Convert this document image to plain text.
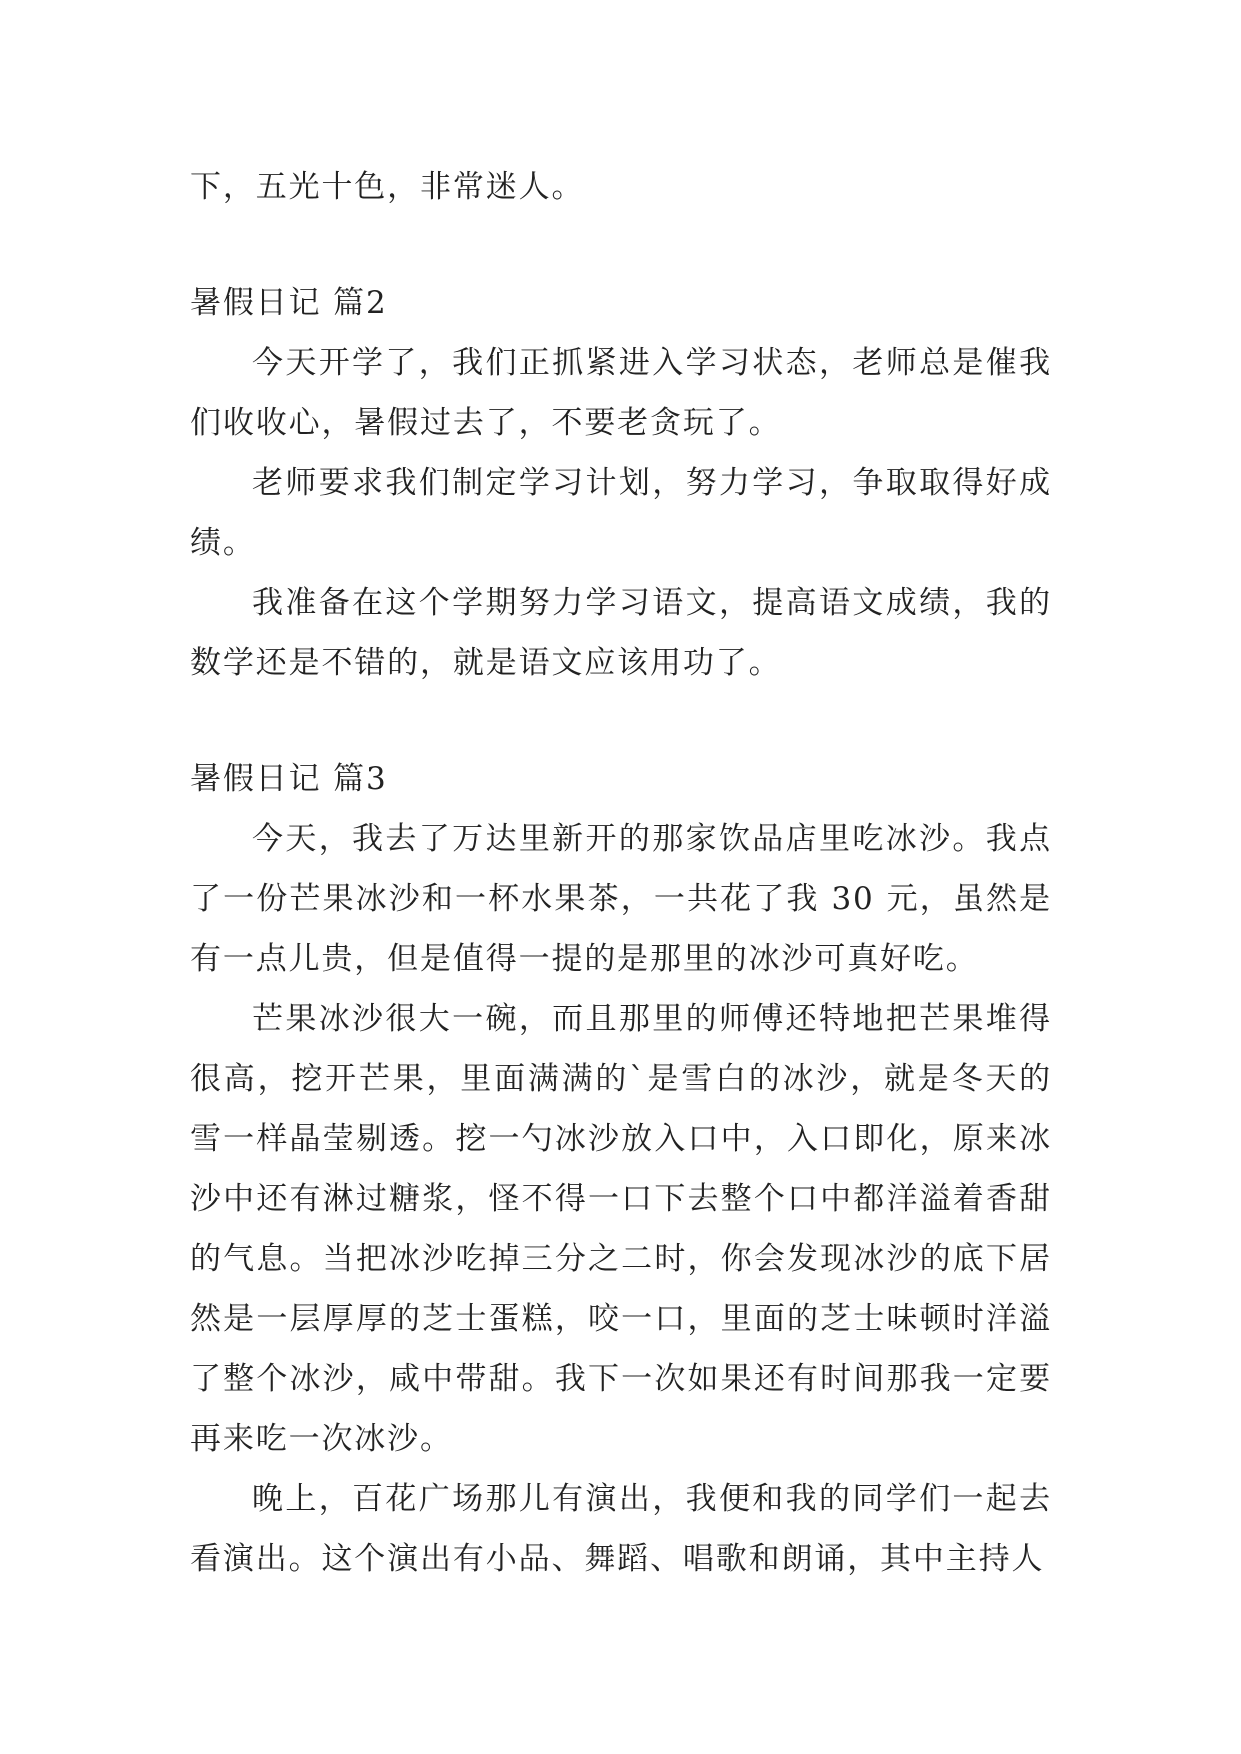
下，五光十色，非常迷人。

暑假日记 篇2

今天开学了，我们正抓紧进入学习状态，老师总是催我们收收心，暑假过去了，不要老贪玩了。

老师要求我们制定学习计划，努力学习，争取取得好成绩。

我准备在这个学期努力学习语文，提高语文成绩，我的数学还是不错的，就是语文应该用功了。

暑假日记 篇3

今天，我去了万达里新开的那家饮品店里吃冰沙。我点了一份芒果冰沙和一杯水果茶，一共花了我 30 元，虽然是有一点儿贵，但是值得一提的是那里的冰沙可真好吃。

芒果冰沙很大一碗，而且那里的师傅还特地把芒果堆得很高，挖开芒果，里面满满的`是雪白的冰沙，就是冬天的雪一样晶莹剔透。挖一勺冰沙放入口中，入口即化，原来冰沙中还有淋过糖浆，怪不得一口下去整个口中都洋溢着香甜的气息。当把冰沙吃掉三分之二时，你会发现冰沙的底下居然是一层厚厚的芝士蛋糕，咬一口，里面的芝士味顿时洋溢了整个冰沙，咸中带甜。我下一次如果还有时间那我一定要再来吃一次冰沙。

晚上，百花广场那儿有演出，我便和我的同学们一起去看演出。这个演出有小品、舞蹈、唱歌和朗诵，其中主持人
